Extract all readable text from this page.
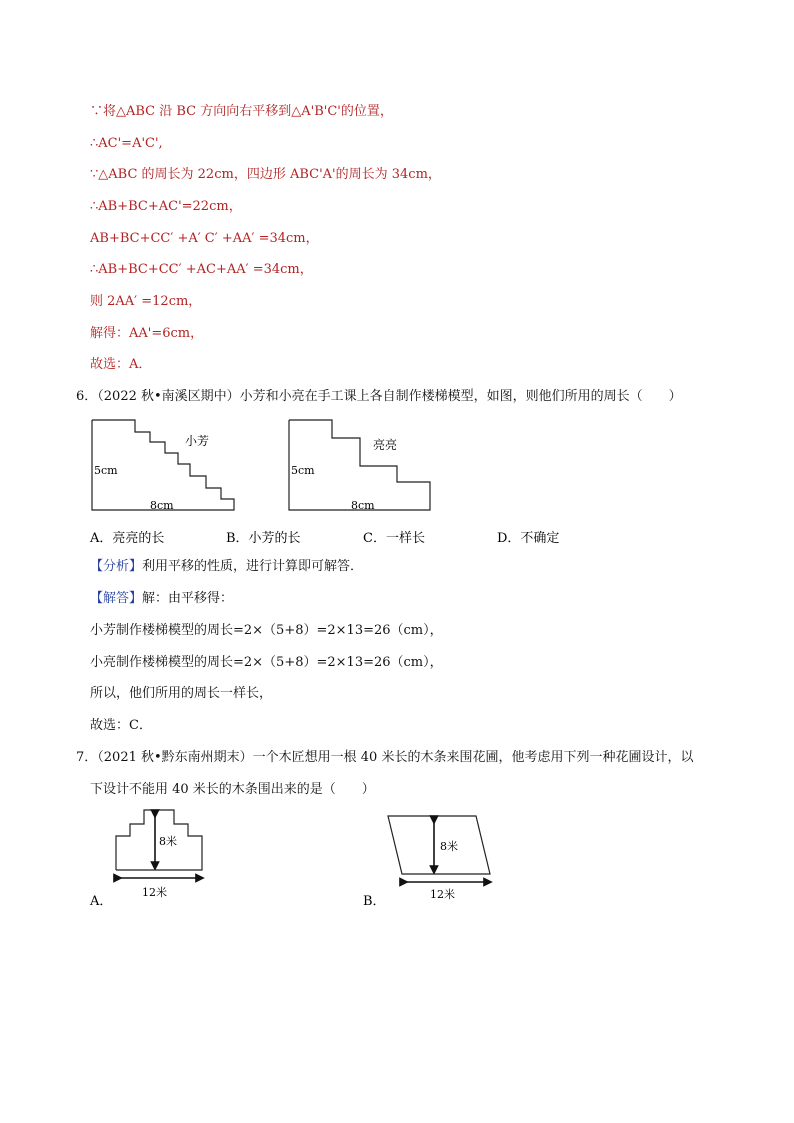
∵将△ABC 沿 BC 方向向右平移到△A'B'C'的位置，
∴AC'=A'C',
∵△ABC 的周长为 22cm，四边形 ABC'A'的周长为 34cm，
∴AB+BC+AC'=22cm，
AB+BC+CC′ +A′ C′ +AA′ =34cm，
∴AB+BC+CC′ +AC+AA′ =34cm，
则 2AA′ =12cm，
解得：AA'=6cm，
故选：A．
6．（2022 秋•南溪区期中）小芳和小亮在手工课上各自制作楼梯模型，如图，则他们所用的周长（　　）
小芳
5cm
8cm
亮亮
5cm
8cm
A．亮亮的长	B．小芳的长	C．一样长	D．不确定
【分析】利用平移的性质，进行计算即可解答．
【解答】解：由平移得：
小芳制作楼梯模型的周长=2×（5+8）=2×13=26（cm），
小亮制作楼梯模型的周长=2×（5+8）=2×13=26（cm），
所以，他们所用的周长一样长，
故选：C．
7．（2021 秋•黔东南州期末）一个木匠想用一根 40 米长的木条来围花圃，他考虑用下列一种花圃设计，以
下设计不能用 40 米长的木条围出来的是（　　）
8米
12米
A．
8米
12米
B．
